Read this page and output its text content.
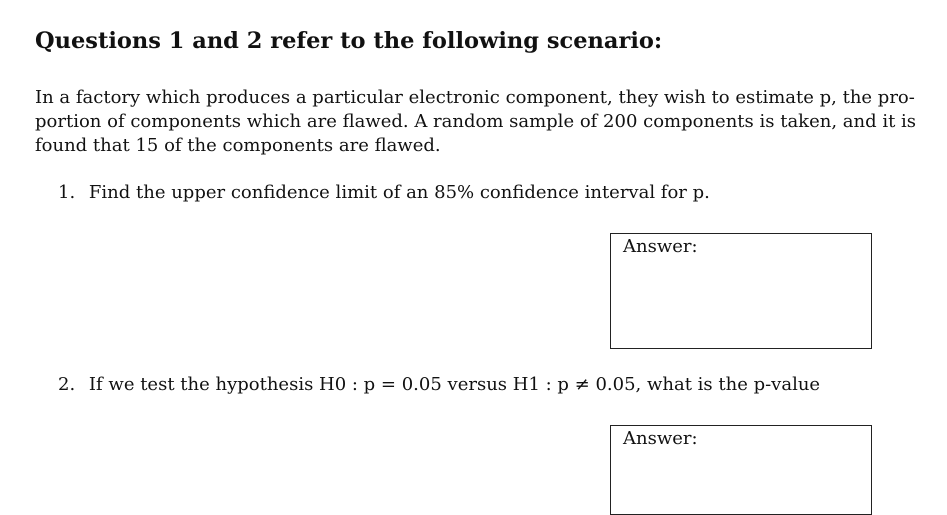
Questions 1 and 2 refer to the following scenario:
In a factory which produces a particular electronic component, they wish to estimate p, the pro-
portion of components which are flawed. A random sample of 200 components is taken, and it is
found that 15 of the components are flawed.
1. Find the upper confidence limit of an 85% confidence interval for p.
Answer:
2. If we test the hypothesis H0 : p = 0.05 versus H1 : p ≠ 0.05, what is the p-value
Answer:
